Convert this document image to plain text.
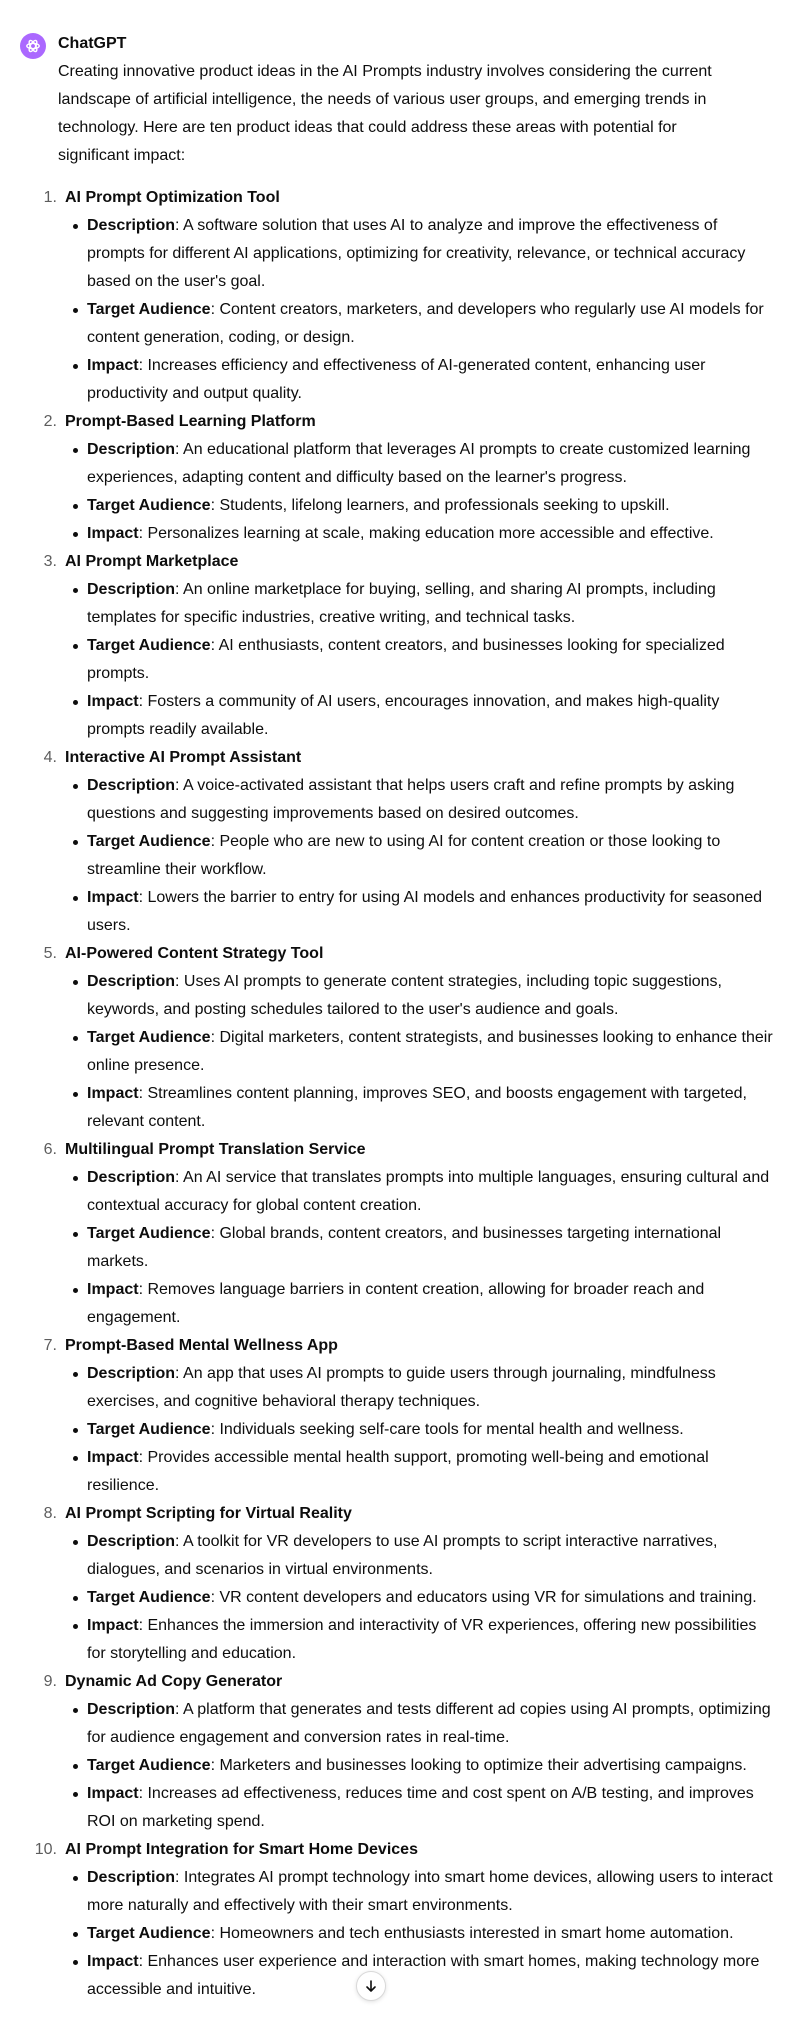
ChatGPT

Creating innovative product ideas in the AI Prompts industry involves considering the current landscape of artificial intelligence, the needs of various user groups, and emerging trends in technology. Here are ten product ideas that could address these areas with potential for significant impact:

1. AI Prompt Optimization Tool
Description: A software solution that uses AI to analyze and improve the effectiveness of prompts for different AI applications, optimizing for creativity, relevance, or technical accuracy based on the user's goal.
Target Audience: Content creators, marketers, and developers who regularly use AI models for content generation, coding, or design.
Impact: Increases efficiency and effectiveness of AI-generated content, enhancing user productivity and output quality.
2. Prompt-Based Learning Platform
Description: An educational platform that leverages AI prompts to create customized learning experiences, adapting content and difficulty based on the learner's progress.
Target Audience: Students, lifelong learners, and professionals seeking to upskill.
Impact: Personalizes learning at scale, making education more accessible and effective.
3. AI Prompt Marketplace
Description: An online marketplace for buying, selling, and sharing AI prompts, including templates for specific industries, creative writing, and technical tasks.
Target Audience: AI enthusiasts, content creators, and businesses looking for specialized prompts.
Impact: Fosters a community of AI users, encourages innovation, and makes high-quality prompts readily available.
4. Interactive AI Prompt Assistant
Description: A voice-activated assistant that helps users craft and refine prompts by asking questions and suggesting improvements based on desired outcomes.
Target Audience: People who are new to using AI for content creation or those looking to streamline their workflow.
Impact: Lowers the barrier to entry for using AI models and enhances productivity for seasoned users.
5. AI-Powered Content Strategy Tool
Description: Uses AI prompts to generate content strategies, including topic suggestions, keywords, and posting schedules tailored to the user's audience and goals.
Target Audience: Digital marketers, content strategists, and businesses looking to enhance their online presence.
Impact: Streamlines content planning, improves SEO, and boosts engagement with targeted, relevant content.
6. Multilingual Prompt Translation Service
Description: An AI service that translates prompts into multiple languages, ensuring cultural and contextual accuracy for global content creation.
Target Audience: Global brands, content creators, and businesses targeting international markets.
Impact: Removes language barriers in content creation, allowing for broader reach and engagement.
7. Prompt-Based Mental Wellness App
Description: An app that uses AI prompts to guide users through journaling, mindfulness exercises, and cognitive behavioral therapy techniques.
Target Audience: Individuals seeking self-care tools for mental health and wellness.
Impact: Provides accessible mental health support, promoting well-being and emotional resilience.
8. AI Prompt Scripting for Virtual Reality
Description: A toolkit for VR developers to use AI prompts to script interactive narratives, dialogues, and scenarios in virtual environments.
Target Audience: VR content developers and educators using VR for simulations and training.
Impact: Enhances the immersion and interactivity of VR experiences, offering new possibilities for storytelling and education.
9. Dynamic Ad Copy Generator
Description: A platform that generates and tests different ad copies using AI prompts, optimizing for audience engagement and conversion rates in real-time.
Target Audience: Marketers and businesses looking to optimize their advertising campaigns.
Impact: Increases ad effectiveness, reduces time and cost spent on A/B testing, and improves ROI on marketing spend.
10. AI Prompt Integration for Smart Home Devices
Description: Integrates AI prompt technology into smart home devices, allowing users to interact more naturally and effectively with their smart environments.
Target Audience: Homeowners and tech enthusiasts interested in smart home automation.
Impact: Enhances user experience and interaction with smart homes, making technology more accessible and intuitive.
